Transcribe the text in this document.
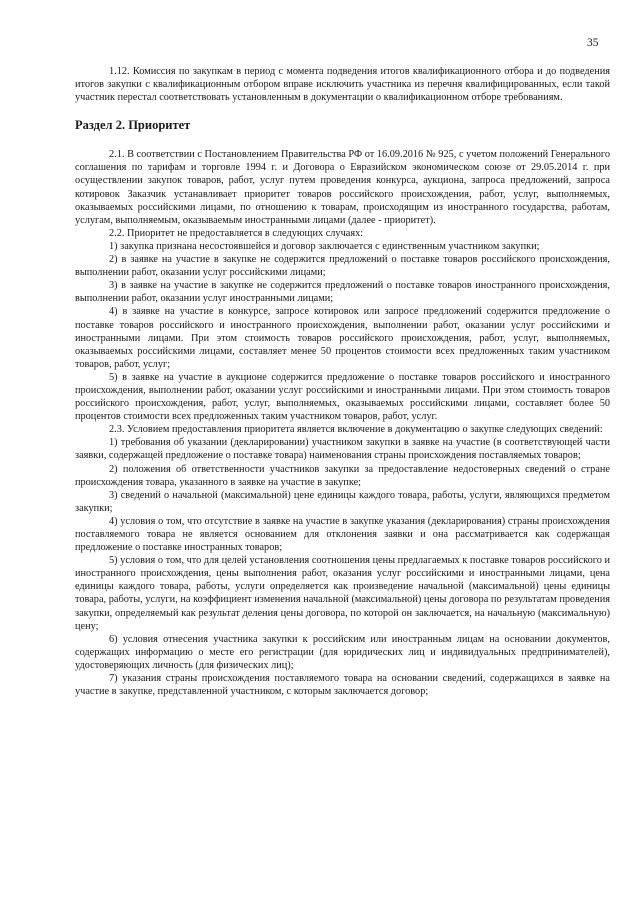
35

1.12. Комиссия по закупкам в период с момента подведения итогов квалификационного отбора и до подведения итогов закупки с квалификационным отбором вправе исключить участника из перечня квалифицированных, если такой участник перестал соответствовать установленным в документации о квалификационном отборе требованиям.

Раздел 2. Приоритет

2.1. В соответствии с Постановлением Правительства РФ от 16.09.2016 № 925, с учетом положений Генерального соглашения по тарифам и торговле 1994 г. и Договора о Евразийском экономическом союзе от 29.05.2014 г. при осуществлении закупок товаров, работ, услуг путем проведения конкурса, аукциона, запроса предложений, запроса котировок Заказчик устанавливает приоритет товаров российского происхождения, работ, услуг, выполняемых, оказываемых российскими лицами, по отношению к товарам, происходящим из иностранного государства, работам, услугам, выполняемым, оказываемым иностранными лицами (далее - приоритет).

2.2. Приоритет не предоставляется в следующих случаях:

1) закупка признана несостоявшейся и договор заключается с единственным участником закупки;

2) в заявке на участие в закупке не содержится предложений о поставке товаров российского происхождения, выполнении работ, оказании услуг российскими лицами;

3) в заявке на участие в закупке не содержится предложений о поставке товаров иностранного происхождения, выполнении работ, оказании услуг иностранными лицами;

4) в заявке на участие в конкурсе, запросе котировок или запросе предложений содержится предложение о поставке товаров российского и иностранного происхождения, выполнении работ, оказании услуг российскими и иностранными лицами. При этом стоимость товаров российского происхождения, работ, услуг, выполняемых, оказываемых российскими лицами, составляет менее 50 процентов стоимости всех предложенных таким участником товаров, работ, услуг;

5) в заявке на участие в аукционе содержится предложение о поставке товаров российского и иностранного происхождения, выполнении работ, оказании услуг российскими и иностранными лицами. При этом стоимость товаров российского происхождения, работ, услуг, выполняемых, оказываемых российскими лицами, составляет более 50 процентов стоимости всех предложенных таким участником товаров, работ, услуг.

2.3. Условием предоставления приоритета является включение в документацию о закупке следующих сведений:

1) требования об указании (декларировании) участником закупки в заявке на участие (в соответствующей части заявки, содержащей предложение о поставке товара) наименования страны происхождения поставляемых товаров;

2) положения об ответственности участников закупки за предоставление недостоверных сведений о стране происхождения товара, указанного в заявке на участие в закупке;

3) сведений о начальной (максимальной) цене единицы каждого товара, работы, услуги, являющихся предметом закупки;

4) условия о том, что отсутствие в заявке на участие в закупке указания (декларирования) страны происхождения поставляемого товара не является основанием для отклонения заявки и она рассматривается как содержащая предложение о поставке иностранных товаров;

5) условия о том, что для целей установления соотношения цены предлагаемых к поставке товаров российского и иностранного происхождения, цены выполнения работ, оказания услуг российскими и иностранными лицами, цена единицы каждого товара, работы, услуги определяется как произведение начальной (максимальной) цены единицы товара, работы, услуги, на коэффициент изменения начальной (максимальной) цены договора по результатам проведения закупки, определяемый как результат деления цены договора, по которой он заключается, на начальную (максимальную) цену;

6) условия отнесения участника закупки к российским или иностранным лицам на основании документов, содержащих информацию о месте его регистрации (для юридических лиц и индивидуальных предпринимателей), удостоверяющих личность (для физических лиц);

7) указания страны происхождения поставляемого товара на основании сведений, содержащихся в заявке на участие в закупке, представленной участником, с которым заключается договор;
